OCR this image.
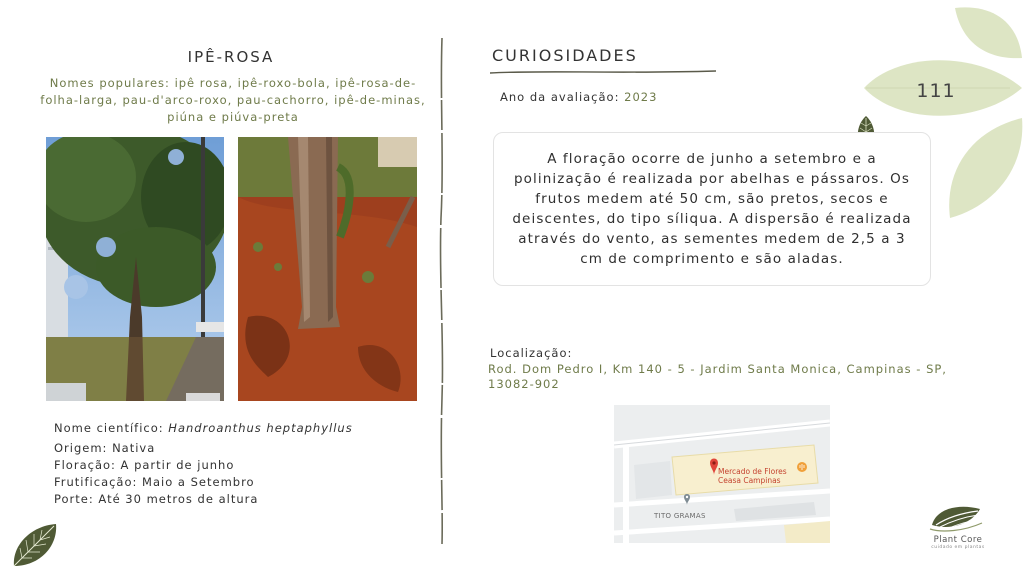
111
IPÊ-ROSA
Nomes populares: ipê rosa, ipê-roxo-bola, ipê-rosa-de-folha-larga, pau-d'arco-roxo, pau-cachorro, ipê-de-minas, piúna e piúva-preta
Nome científico: Handroanthus heptaphyllus
Origem: Nativa
Floração: A partir de junho
Frutificação: Maio a Setembro
Porte: Até 30 metros de altura
CURIOSIDADES
Ano da avaliação: 2023
A floração ocorre de junho a setembro e a polinização é realizada por abelhas e pássaros. Os frutos medem até 50 cm, são pretos, secos e deiscentes, do tipo síliqua. A dispersão é realizada através do vento, as sementes medem de 2,5 a 3 cm de comprimento e são aladas.
Localização:
Rod. Dom Pedro I, Km 140 - 5 - Jardim Santa Monica, Campinas - SP, 13082-902
Mercado de Flores
Ceasa Campinas
TITO GRAMAS
Plant Core
cuidado em plantas
